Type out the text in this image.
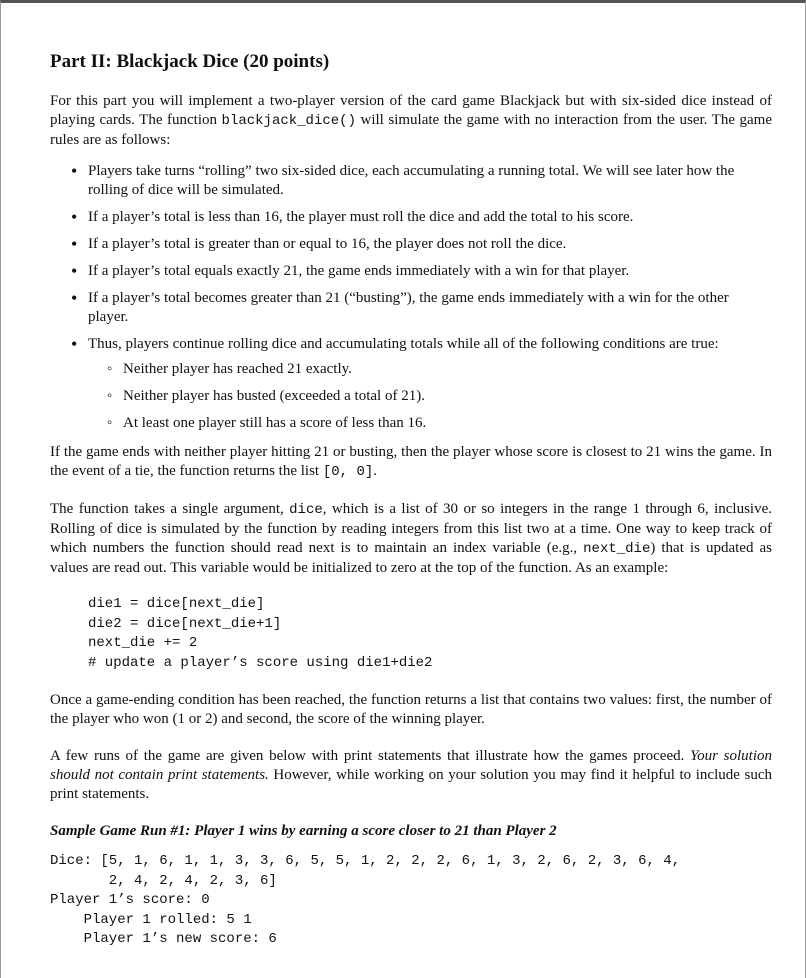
Part II: Blackjack Dice (20 points)

For this part you will implement a two-player version of the card game Blackjack but with six-sided dice instead of playing cards. The function blackjack_dice() will simulate the game with no interaction from the user. The game rules are as follows:

• Players take turns “rolling” two six-sided dice, each accumulating a running total. We will see later how the rolling of dice will be simulated.
• If a player’s total is less than 16, the player must roll the dice and add the total to his score.
• If a player’s total is greater than or equal to 16, the player does not roll the dice.
• If a player’s total equals exactly 21, the game ends immediately with a win for that player.
• If a player’s total becomes greater than 21 (“busting”), the game ends immediately with a win for the other player.
• Thus, players continue rolling dice and accumulating totals while all of the following conditions are true:
◦ Neither player has reached 21 exactly.
◦ Neither player has busted (exceeded a total of 21).
◦ At least one player still has a score of less than 16.

If the game ends with neither player hitting 21 or busting, then the player whose score is closest to 21 wins the game. In the event of a tie, the function returns the list [0, 0].

The function takes a single argument, dice, which is a list of 30 or so integers in the range 1 through 6, inclusive. Rolling of dice is simulated by the function by reading integers from this list two at a time. One way to keep track of which numbers the function should read next is to maintain an index variable (e.g., next_die) that is updated as values are read out. This variable would be initialized to zero at the top of the function. As an example:

die1 = dice[next_die]
die2 = dice[next_die+1]
next_die += 2
# update a player’s score using die1+die2

Once a game-ending condition has been reached, the function returns a list that contains two values: first, the number of the player who won (1 or 2) and second, the score of the winning player.

A few runs of the game are given below with print statements that illustrate how the games proceed. Your solution should not contain print statements. However, while working on your solution you may find it helpful to include such print statements.

Sample Game Run #1: Player 1 wins by earning a score closer to 21 than Player 2
Dice: [5, 1, 6, 1, 1, 3, 3, 6, 5, 5, 1, 2, 2, 2, 6, 1, 3, 2, 6, 2, 3, 6, 4,
2, 4, 2, 4, 2, 3, 6]
Player 1’s score: 0
Player 1 rolled: 5 1
Player 1’s new score: 6
